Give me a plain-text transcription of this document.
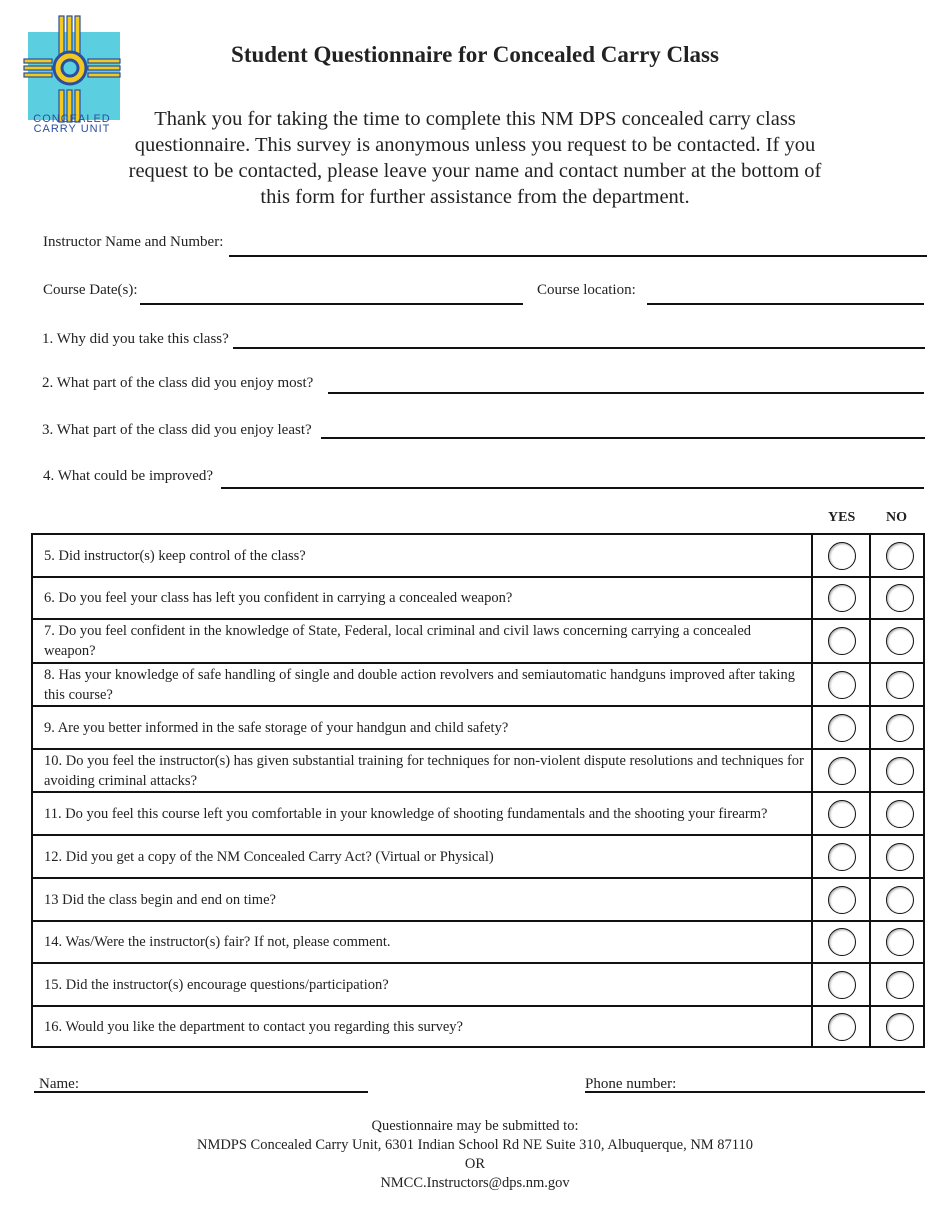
CONCEALED
CARRY UNIT
Student Questionnaire for Concealed Carry Class
Thank you for taking the time to complete this NM DPS concealed carry class questionnaire. This survey is anonymous unless you request to be contacted. If you request to be contacted, please leave your name and contact number at the bottom of this form for further assistance from the department.
Instructor Name and Number:
Course Date(s):	Course location:
1. Why did you take this class?
2. What part of the class did you enjoy most?
3. What part of the class did you enjoy least?
4. What could be improved?
YES NO
5. Did instructor(s) keep control of the class?
6. Do you feel your class has left you confident in carrying a concealed weapon?
7. Do you feel confident in the knowledge of State, Federal, local criminal and civil laws concerning carrying a concealed weapon?
8. Has your knowledge of safe handling of single and double action revolvers and semiautomatic handguns improved after taking this course?
9. Are you better informed in the safe storage of your handgun and child safety?
10. Do you feel the instructor(s) has given substantial training for techniques for non-violent dispute resolutions and techniques for avoiding criminal attacks?
11. Do you feel this course left you comfortable in your knowledge of shooting fundamentals and the shooting your firearm?
12. Did you get a copy of the NM Concealed Carry Act? (Virtual or Physical)
13 Did the class begin and end on time?
14. Was/Were the instructor(s) fair? If not, please comment.
15. Did the instructor(s) encourage questions/participation?
16. Would you like the department to contact you regarding this survey?
Name:	Phone number:
Questionnaire may be submitted to:
NMDPS Concealed Carry Unit, 6301 Indian School Rd NE Suite 310, Albuquerque, NM 87110
OR
NMCC.Instructors@dps.nm.gov
